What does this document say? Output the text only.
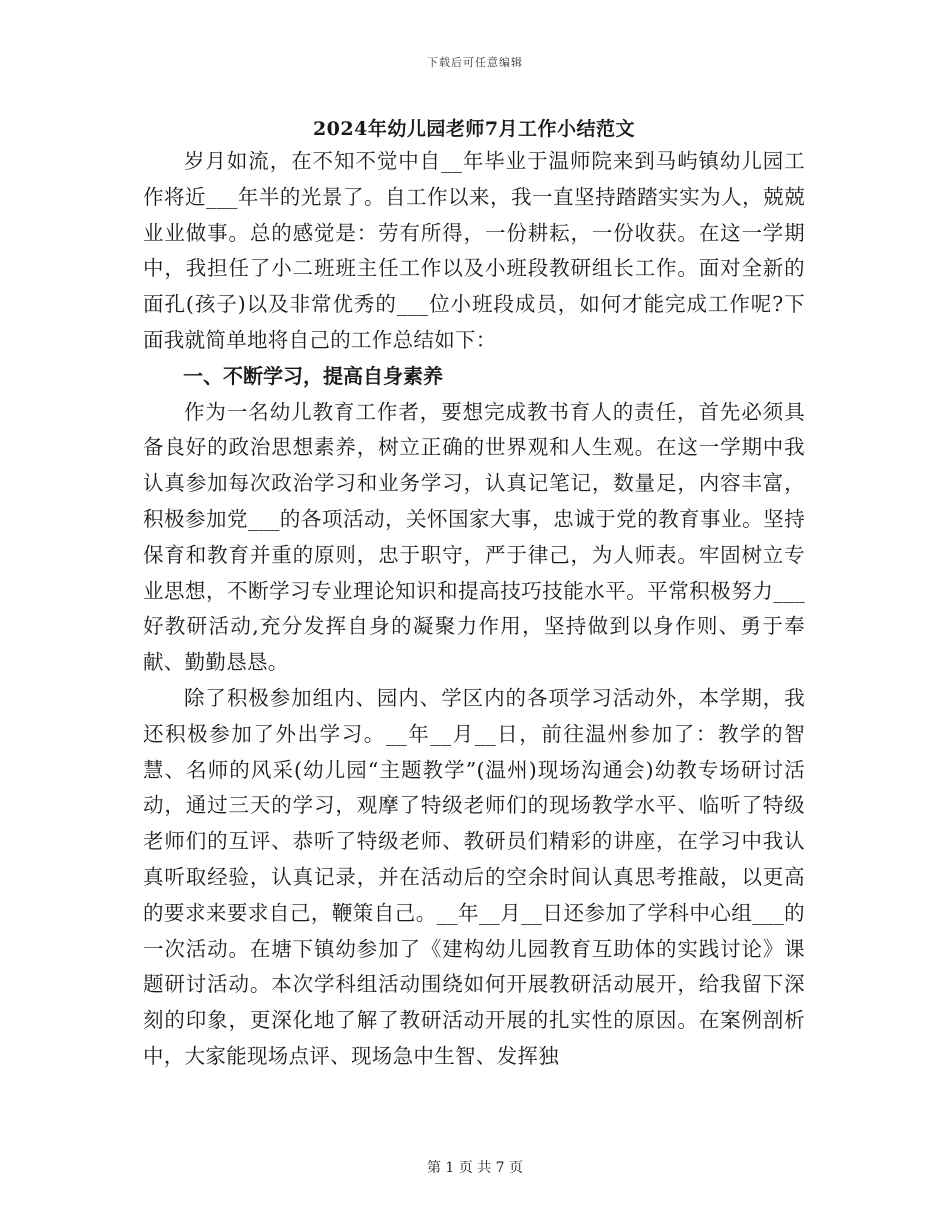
下载后可任意编辑
2024年幼儿园老师7月工作小结范文

岁月如流，在不知不觉中自__年毕业于温师院来到马屿镇幼儿园工作将近___年半的光景了。自工作以来，我一直坚持踏踏实实为人，兢兢业业做事。总的感觉是：劳有所得，一份耕耘，一份收获。在这一学期中，我担任了小二班班主任工作以及小班段教研组长工作。面对全新的面孔(孩子)以及非常优秀的___位小班段成员，如何才能完成工作呢?下面我就简单地将自己的工作总结如下：

一、不断学习，提高自身素养

作为一名幼儿教育工作者，要想完成教书育人的责任，首先必须具备良好的政治思想素养，树立正确的世界观和人生观。在这一学期中我认真参加每次政治学习和业务学习，认真记笔记，数量足，内容丰富，积极参加党___的各项活动，关怀国家大事，忠诚于党的教育事业。坚持保育和教育并重的原则，忠于职守，严于律己，为人师表。牢固树立专业思想，不断学习专业理论知识和提高技巧技能水平。平常积极努力___好教研活动,充分发挥自身的凝聚力作用，坚持做到以身作则、勇于奉献、勤勤恳恳。

除了积极参加组内、园内、学区内的各项学习活动外，本学期，我还积极参加了外出学习。__年__月__日，前往温州参加了：教学的智慧、名师的风采(幼儿园“主题教学”(温州)现场沟通会)幼教专场研讨活动，通过三天的学习，观摩了特级老师们的现场教学水平、临听了特级老师们的互评、恭听了特级老师、教研员们精彩的讲座，在学习中我认真听取经验，认真记录，并在活动后的空余时间认真思考推敲，以更高的要求来要求自己，鞭策自己。__年__月__日还参加了学科中心组___的一次活动。在塘下镇幼参加了《建构幼儿园教育互助体的实践讨论》课题研讨活动。本次学科组活动围绕如何开展教研活动展开，给我留下深刻的印象，更深化地了解了教研活动开展的扎实性的原因。在案例剖析中，大家能现场点评、现场急中生智、发挥独

第 1 页 共 7 页
